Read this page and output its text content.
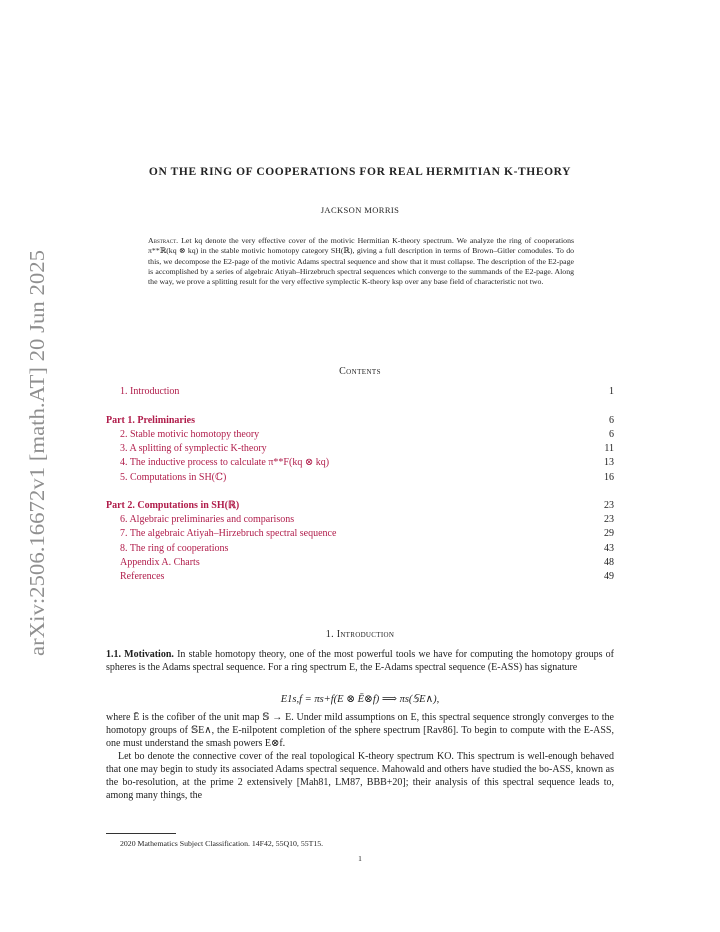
arXiv:2506.16672v1 [math.AT] 20 Jun 2025
ON THE RING OF COOPERATIONS FOR REAL HERMITIAN K-THEORY
JACKSON MORRIS
Abstract. Let kq denote the very effective cover of the motivic Hermitian K-theory spectrum. We analyze the ring of cooperations π**ℝ(kq ⊗ kq) in the stable motivic homotopy category SH(ℝ), giving a full description in terms of Brown–Gitler comodules. To do this, we decompose the E2-page of the motivic Adams spectral sequence and show that it must collapse. The description of the E2-page is accomplished by a series of algebraic Atiyah–Hirzebruch spectral sequences which converge to the summands of the E2-page. Along the way, we prove a splitting result for the very effective symplectic K-theory ksp over any base field of characteristic not two.
Contents
1. Introduction	1
Part 1. Preliminaries	6
2. Stable motivic homotopy theory	6
3. A splitting of symplectic K-theory	11
4. The inductive process to calculate π**F(kq ⊗ kq)	13
5. Computations in SH(ℂ)	16
Part 2. Computations in SH(ℝ)	23
6. Algebraic preliminaries and comparisons	23
7. The algebraic Atiyah–Hirzebruch spectral sequence	29
8. The ring of cooperations	43
Appendix A. Charts	48
References	49
1. Introduction
1.1. Motivation. In stable homotopy theory, one of the most powerful tools we have for computing the homotopy groups of spheres is the Adams spectral sequence. For a ring spectrum E, the E-Adams spectral sequence (E-ASS) has signature
E1s,f = πs+f(E ⊗ Ē⊗f) ⟹ πs(𝕊E∧),
where Ē is the cofiber of the unit map 𝕊 → E. Under mild assumptions on E, this spectral sequence strongly converges to the homotopy groups of 𝕊E∧, the E-nilpotent completion of the sphere spectrum [Rav86]. To begin to compute with the E-ASS, one must understand the smash powers E⊗f.
Let bo denote the connective cover of the real topological K-theory spectrum KO. This spectrum is well-enough behaved that one may begin to study its associated Adams spectral sequence. Mahowald and others have studied the bo-ASS, known as the bo-resolution, at the prime 2 extensively [Mah81, LM87, BBB+20]; their analysis of this spectral sequence leads to, among many things, the
2020 Mathematics Subject Classification. 14F42, 55Q10, 55T15.
1
